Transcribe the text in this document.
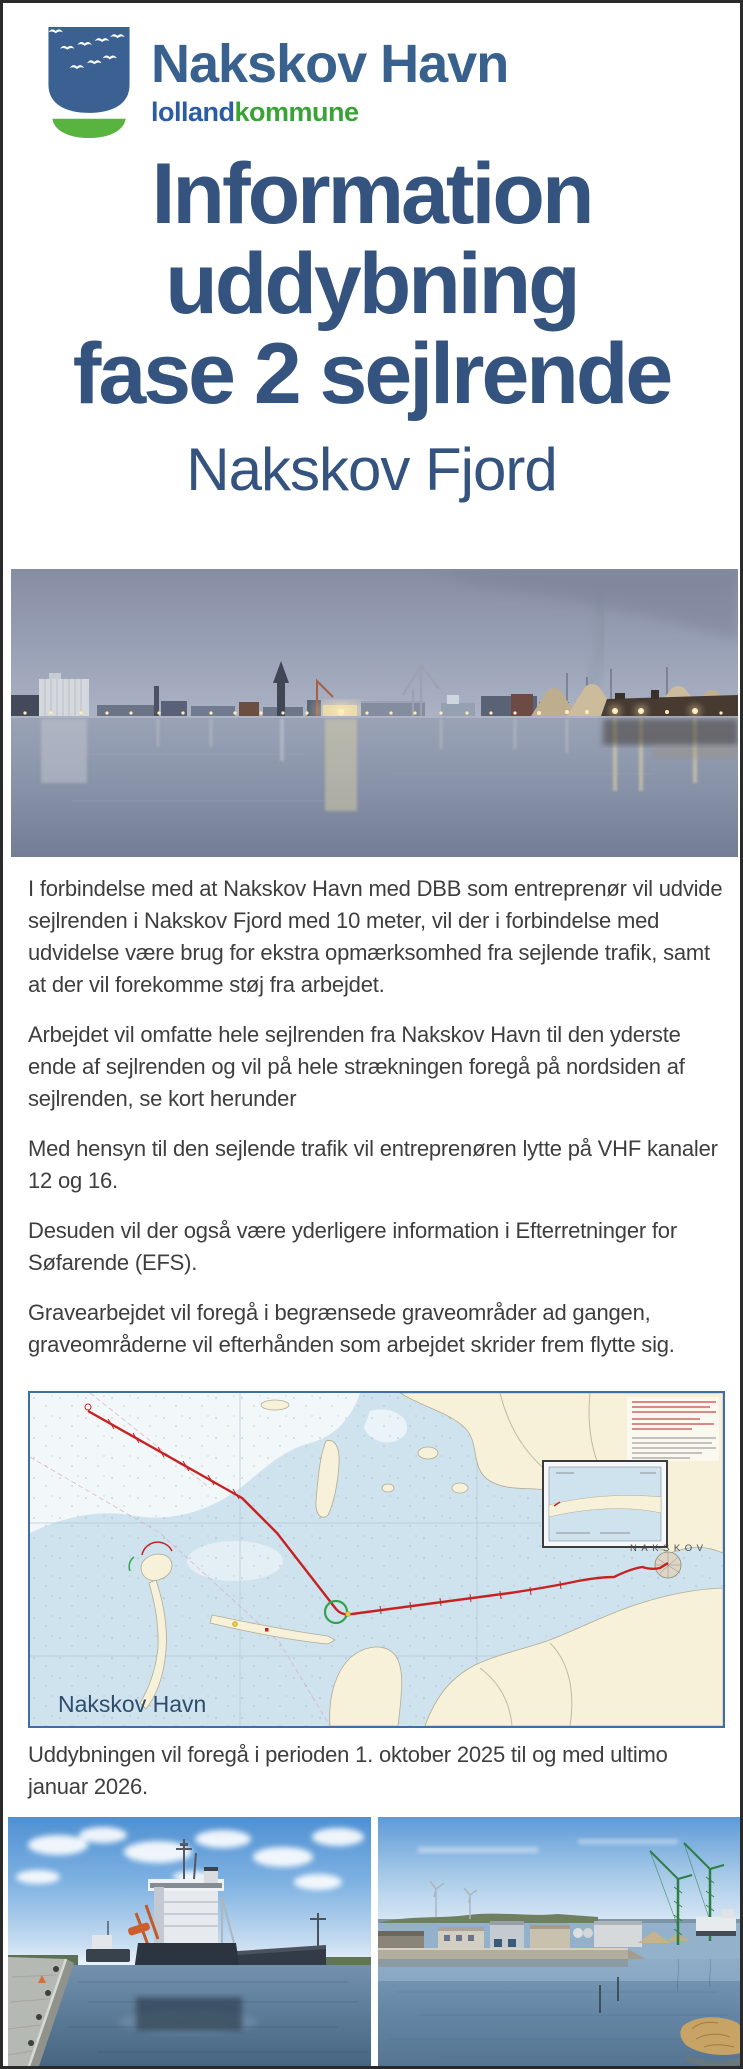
Nakskov Havn
lollandkommune
Information
uddybning
fase 2 sejlrende
Nakskov Fjord

I forbindelse med at Nakskov Havn med DBB som entreprenør vil udvide sejlrenden i Nakskov Fjord med 10 meter, vil der i forbindelse med udvidelse være brug for ekstra opmærksomhed fra sejlende trafik, samt at der vil forekomme støj fra arbejdet.

Arbejdet vil omfatte hele sejlrenden fra Nakskov Havn til den yderste ende af sejlrenden og vil på hele strækningen foregå på nordsiden af sejlrenden, se kort herunder

Med hensyn til den sejlende trafik vil entreprenøren lytte på VHF kanaler 12 og 16.

Desuden vil der også være yderligere information i Efterretninger for Søfarende (EFS).

Gravearbejdet vil foregå i begrænsede graveområder ad gangen, graveområderne vil efterhånden som arbejdet skrider frem flytte sig.

NAKSKOV
Nakskov Havn

Uddybningen vil foregå i perioden 1. oktober 2025 til og med ultimo januar 2026.
